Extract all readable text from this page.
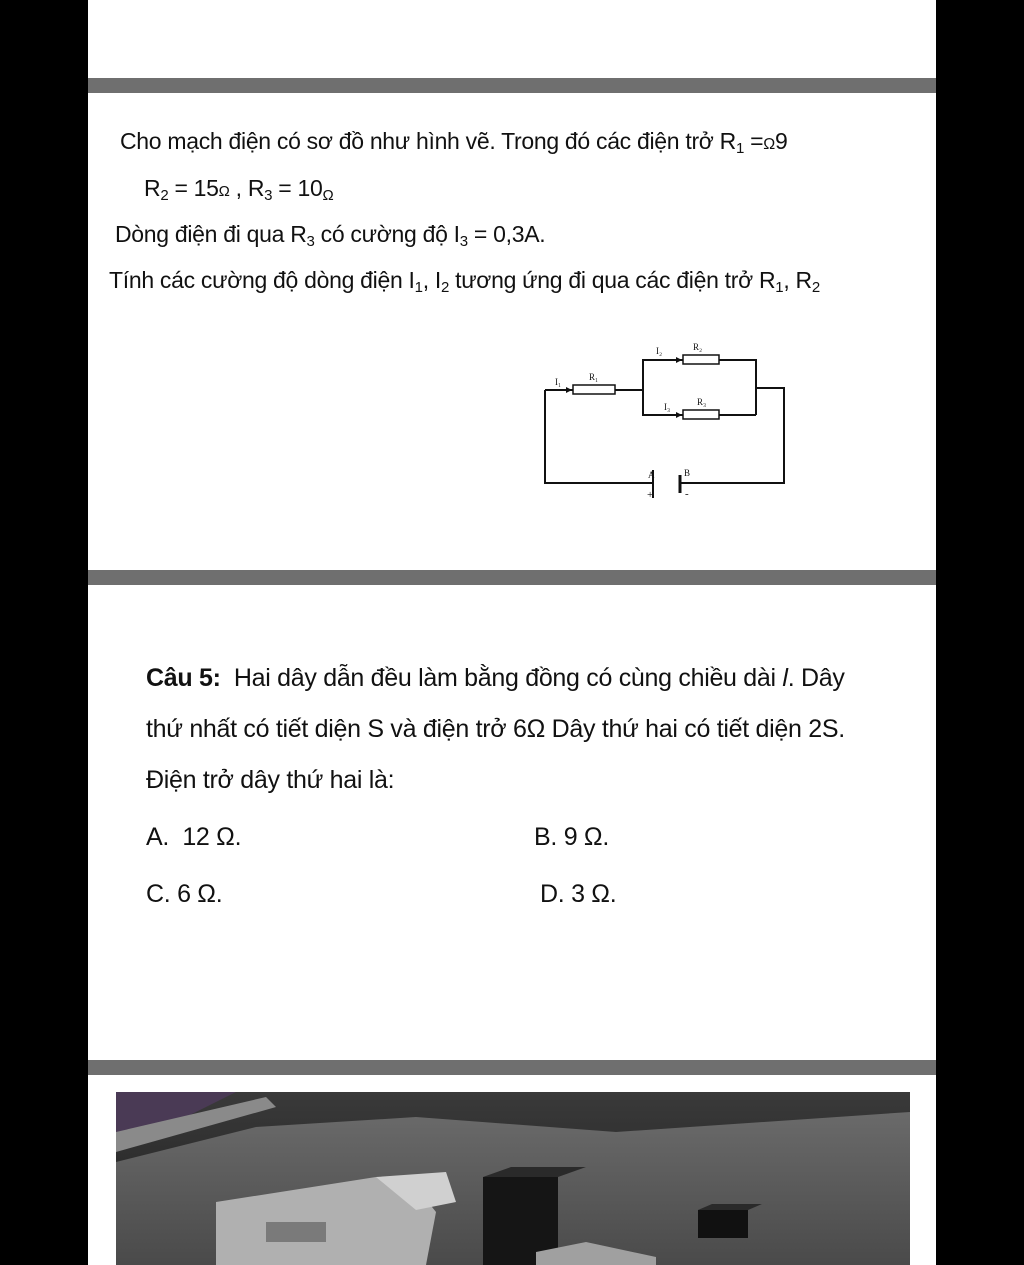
Cho mạch điện có sơ đồ như hình vẽ. Trong đó các điện trở $R_1 =\Omega 9$
$R_2 = 15\Omega$ , $R_3 = 10_\Omega$
Dòng điện đi qua $R_3$ có cường độ $I_3 = 0,3A$.
Tính các cường độ dòng điện $I_1$, $I_2$ tương ứng đi qua các điện trở $R_1$, $R_2$
I₁	R₁
I₂	R₂
I₃	R₃
A	B
+	-
Câu 5: Hai dây dẫn đều làm bằng đồng có cùng chiều dài l. Dây
thứ nhất có tiết diện S và điện trở 6Ω Dây thứ hai có tiết diện 2S.
Điện trở dây thứ hai là:
A. 12 Ω.	B. 9 Ω.
C. 6 Ω.	D. 3 Ω.
